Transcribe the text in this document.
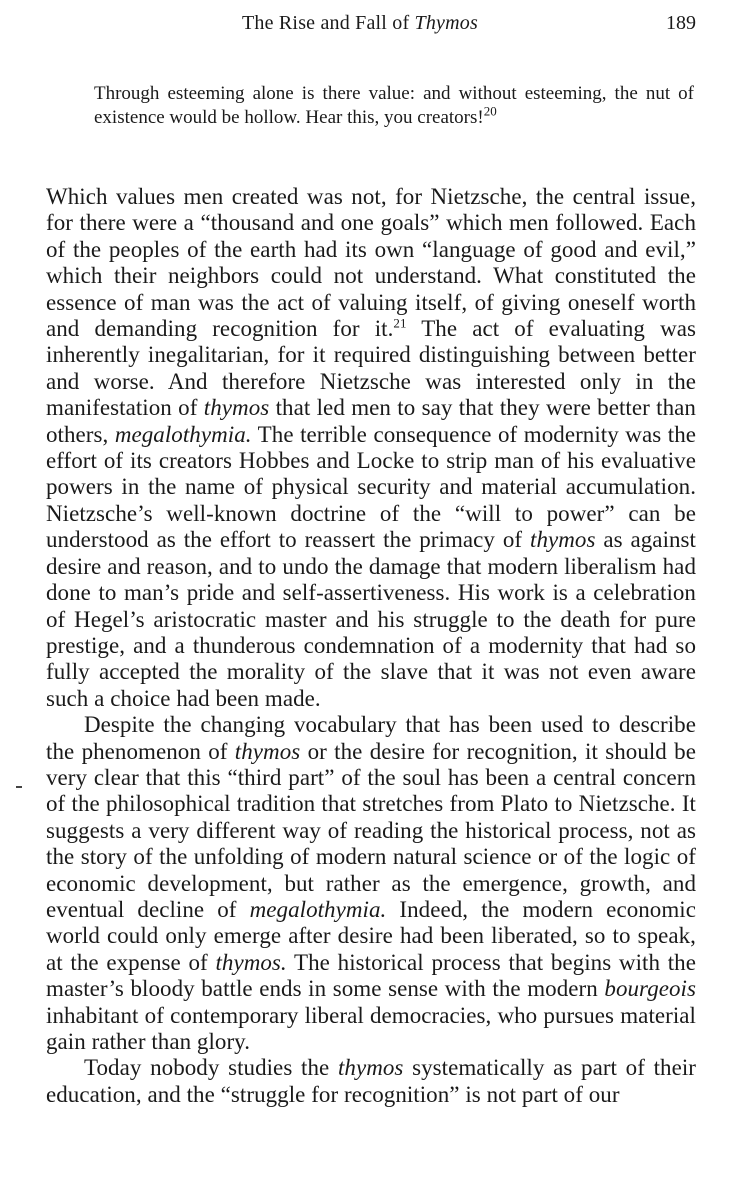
The Rise and Fall of Thymos	189

Through esteeming alone is there value: and without esteeming, the nut of existence would be hollow. Hear this, you creators!$^{20}$

Which values men created was not, for Nietzsche, the central issue, for there were a “thousand and one goals” which men followed. Each of the peoples of the earth had its own “language of good and evil,” which their neighbors could not understand. What constituted the essence of man was the act of valuing itself, of giving oneself worth and demanding recognition for it.$^{21}$ The act of evaluating was inherently inegalitarian, for it required distinguishing between better and worse. And therefore Nietzsche was interested only in the manifestation of thymos that led men to say that they were better than others, megalothymia. The terrible consequence of modernity was the effort of its creators Hobbes and Locke to strip man of his evaluative powers in the name of physical security and material accumulation. Nietzsche’s well-known doctrine of the “will to power” can be understood as the effort to reassert the primacy of thymos as against desire and reason, and to undo the damage that modern liberalism had done to man’s pride and self-assertiveness. His work is a celebration of Hegel’s aristocratic master and his struggle to the death for pure prestige, and a thunderous condemnation of a modernity that had so fully accepted the morality of the slave that it was not even aware such a choice had been made.

Despite the changing vocabulary that has been used to describe the phenomenon of thymos or the desire for recognition, it should be very clear that this “third part” of the soul has been a central concern of the philosophical tradition that stretches from Plato to Nietzsche. It suggests a very different way of reading the historical process, not as the story of the unfolding of modern natural science or of the logic of economic development, but rather as the emergence, growth, and eventual decline of megalothymia. Indeed, the modern economic world could only emerge after desire had been liberated, so to speak, at the expense of thymos. The historical process that begins with the master’s bloody battle ends in some sense with the modern bourgeois inhabitant of contemporary liberal democracies, who pursues material gain rather than glory.

Today nobody studies the thymos systematically as part of their education, and the “struggle for recognition” is not part of our
